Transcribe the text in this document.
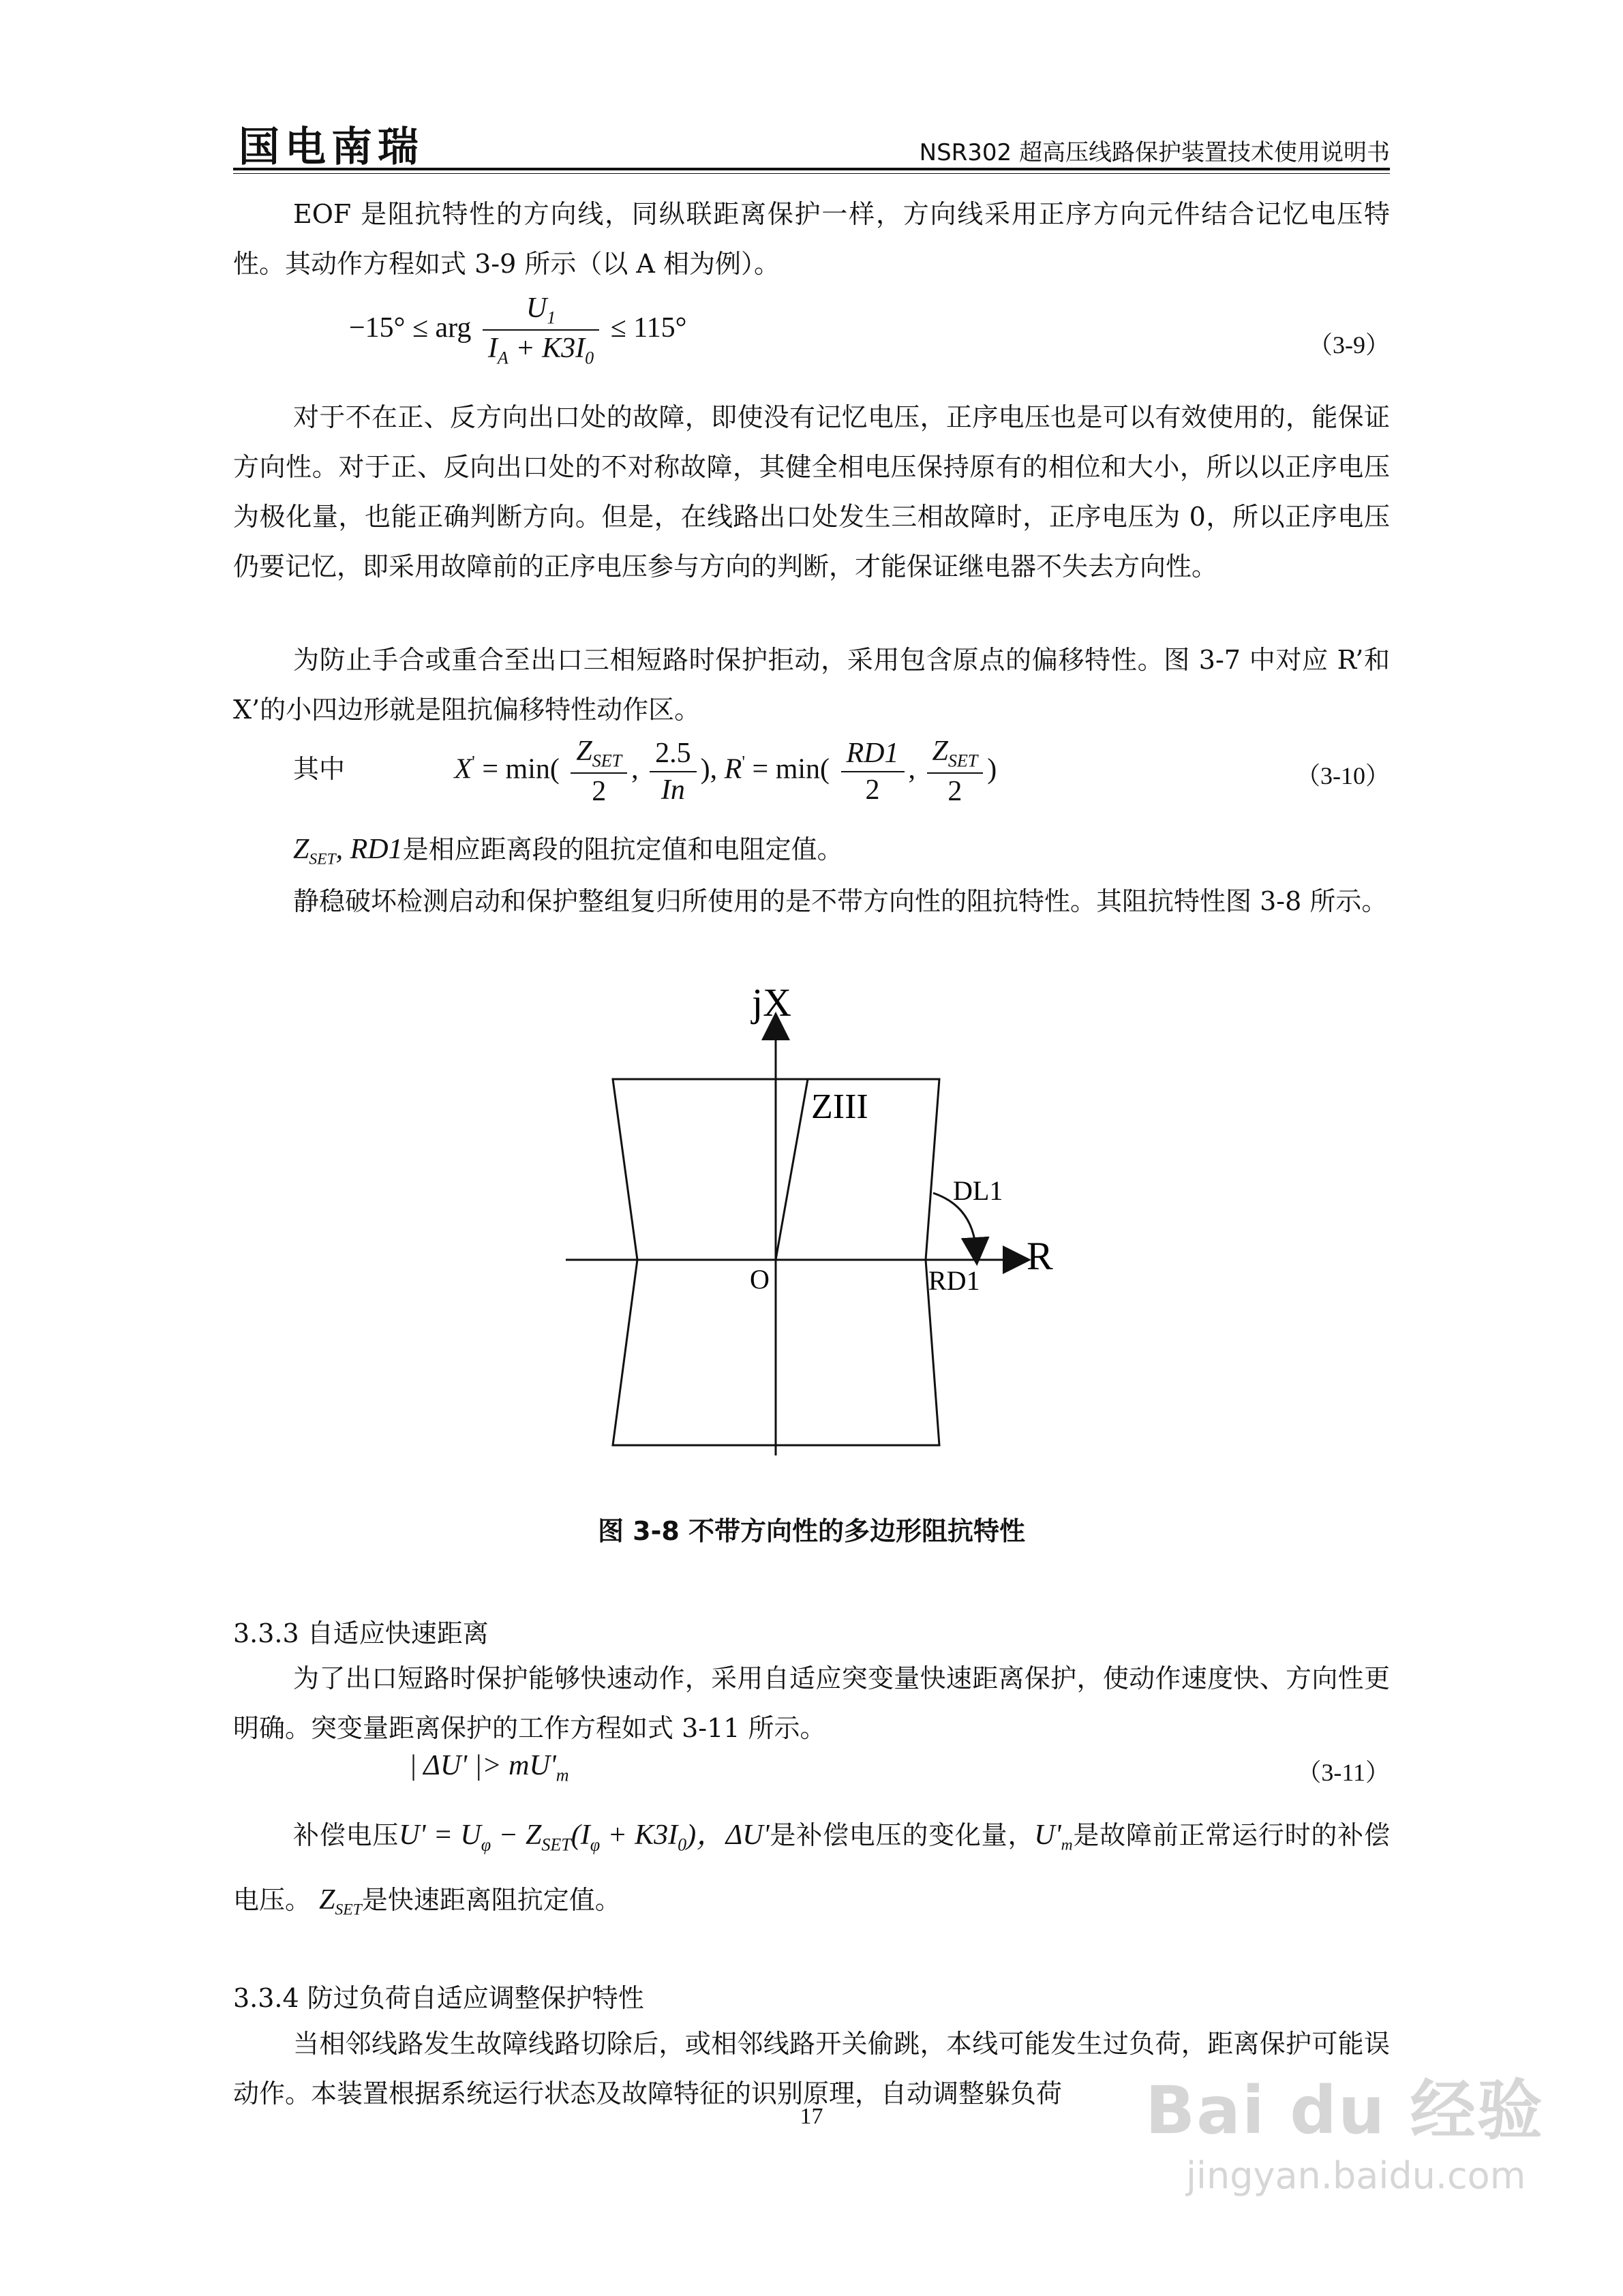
国电南瑞	NSR302 超高压线路保护装置技术使用说明书

EOF 是阻抗特性的方向线，同纵联距离保护一样，方向线采用正序方向元件结合记忆电压特性。其动作方程如式 3-9 所示（以 A 相为例）。

−15° ≤ arg $\frac{U_1}{I_A + K3I_0} \le 115^\circ$
（3-9）

对于不在正、反方向出口处的故障，即使没有记忆电压，正序电压也是可以有效使用的，能保证方向性。对于正、反向出口处的不对称故障，其健全相电压保持原有的相位和大小，所以以正序电压为极化量，也能正确判断方向。但是，在线路出口处发生三相故障时，正序电压为 0，所以正序电压仍要记忆，即采用故障前的正序电压参与方向的判断，才能保证继电器不失去方向性。

为防止手合或重合至出口三相短路时保护拒动，采用包含原点的偏移特性。图 3-7 中对应 R’和 X’的小四边形就是阻抗偏移特性动作区。

其中	$X' = \min( \frac{Z_{SET}}{2}$ , $\frac{2.5}{In}$ ), $R' = \min( \frac{RD1}{2}$ , $\frac{Z_{SET}}{2}$ )	（3-10）
$Z_{SET}$, RD1是相应距离段的阻抗定值和电阻定值。

静稳破坏检测启动和保护整组复归所使用的是不带方向性的阻抗特性。其阻抗特性图 3-8 所示。

jX
R
ZIII
DL1
O	RD1
图 3-8 不带方向性的多边形阻抗特性
3.3.3 自适应快速距离

为了出口短路时保护能够快速动作，采用自适应突变量快速距离保护，使动作速度快、方向性更明确。突变量距离保护的工作方程如式 3-11 所示。

| ΔU' |> $mU'_m$	（3-11）
补偿电压$U' = U_\varphi - Z_{SET}(I_\varphi + K3I_0)$，ΔU'是补偿电压的变化量，$U'_m$是故障前正常运行时的补偿电压。 $Z_{SET}$是快速距离阻抗定值。
3.3.4 防过负荷自适应调整保护特性

当相邻线路发生故障线路切除后，或相邻线路开关偷跳，本线可能发生过负荷，距离保护可能误动作。本装置根据系统运行状态及故障特征的识别原理，自动调整躲负荷

17	Bai du 经验
jingyan.baidu.com
